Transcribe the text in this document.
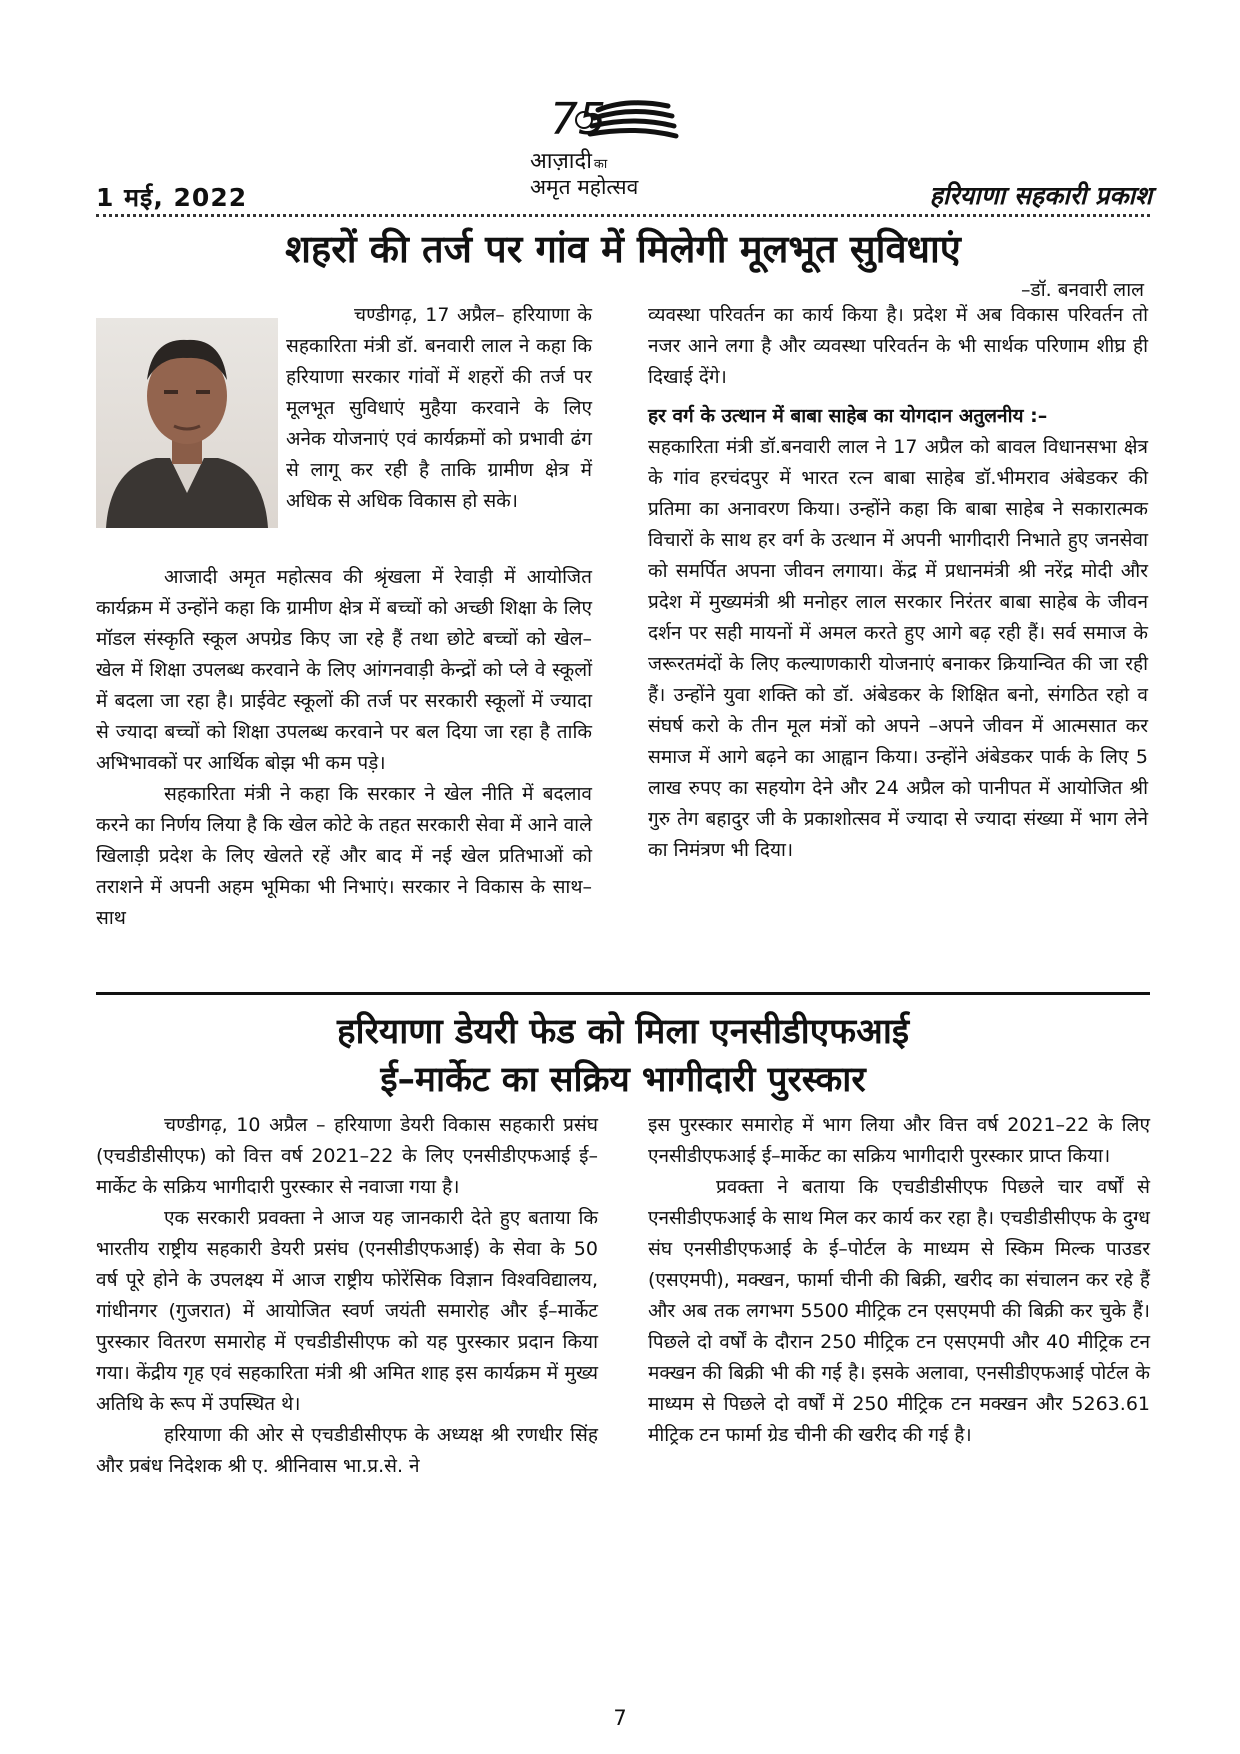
75
आज़ादी का
अमृत महोत्सव
1 मई, 2022	हरियाणा सहकारी प्रकाश
शहरों की तर्ज पर गांव में मिलेगी मूलभूत सुविधाएं
–डॉ. बनवारी लाल

चण्डीगढ़, 17 अप्रैल– हरियाणा के सहकारिता मंत्री डॉ. बनवारी लाल ने कहा कि हरियाणा सरकार गांवों में शहरों की तर्ज पर मूलभूत सुविधाएं मुहैया करवाने के लिए अनेक योजनाएं एवं कार्यक्रमों को प्रभावी ढंग से लागू कर रही है ताकि ग्रामीण क्षेत्र में अधिक से अधिक विकास हो सके।

आजादी अमृत महोत्सव की श्रृंखला में रेवाड़ी में आयोजित कार्यक्रम में उन्होंने कहा कि ग्रामीण क्षेत्र में बच्चों को अच्छी शिक्षा के लिए मॉडल संस्कृति स्कूल अपग्रेड किए जा रहे हैं तथा छोटे बच्चों को खेल–खेल में शिक्षा उपलब्ध करवाने के लिए आंगनवाड़ी केन्द्रों को प्ले वे स्कूलों में बदला जा रहा है। प्राईवेट स्कूलों की तर्ज पर सरकारी स्कूलों में ज्यादा से ज्यादा बच्चों को शिक्षा उपलब्ध करवाने पर बल दिया जा रहा है ताकि अभिभावकों पर आर्थिक बोझ भी कम पड़े।

सहकारिता मंत्री ने कहा कि सरकार ने खेल नीति में बदलाव करने का निर्णय लिया है कि खेल कोटे के तहत सरकारी सेवा में आने वाले खिलाड़ी प्रदेश के लिए खेलते रहें और बाद में नई खेल प्रतिभाओं को तराशने में अपनी अहम भूमिका भी निभाएं। सरकार ने विकास के साथ–साथ

व्यवस्था परिवर्तन का कार्य किया है। प्रदेश में अब विकास परिवर्तन तो नजर आने लगा है और व्यवस्था परिवर्तन के भी सार्थक परिणाम शीघ्र ही दिखाई देंगे।

हर वर्ग के उत्थान में बाबा साहेब का योगदान अतुलनीय :–

सहकारिता मंत्री डॉ.बनवारी लाल ने 17 अप्रैल को बावल विधानसभा क्षेत्र के गांव हरचंदपुर में भारत रत्न बाबा साहेब डॉ.भीमराव अंबेडकर की प्रतिमा का अनावरण किया। उन्होंने कहा कि बाबा साहेब ने सकारात्मक विचारों के साथ हर वर्ग के उत्थान में अपनी भागीदारी निभाते हुए जनसेवा को समर्पित अपना जीवन लगाया। केंद्र में प्रधानमंत्री श्री नरेंद्र मोदी और प्रदेश में मुख्यमंत्री श्री मनोहर लाल सरकार निरंतर बाबा साहेब के जीवन दर्शन पर सही मायनों में अमल करते हुए आगे बढ़ रही हैं। सर्व समाज के जरूरतमंदों के लिए कल्याणकारी योजनाएं बनाकर क्रियान्वित की जा रही हैं। उन्होंने युवा शक्ति को डॉ. अंबेडकर के शिक्षित बनो, संगठित रहो व संघर्ष करो के तीन मूल मंत्रों को अपने –अपने जीवन में आत्मसात कर समाज में आगे बढ़ने का आह्वान किया। उन्होंने अंबेडकर पार्क के लिए 5 लाख रुपए का सहयोग देने और 24 अप्रैल को पानीपत में आयोजित श्री गुरु तेग बहादुर जी के प्रकाशोत्सव में ज्यादा से ज्यादा संख्या में भाग लेने का निमंत्रण भी दिया।

हरियाणा डेयरी फेड को मिला एनसीडीएफआई
ई–मार्केट का सक्रिय भागीदारी पुरस्कार

चण्डीगढ़, 10 अप्रैल – हरियाणा डेयरी विकास सहकारी प्रसंघ (एचडीडीसीएफ) को वित्त वर्ष 2021–22 के लिए एनसीडीएफआई ई–मार्केट के सक्रिय भागीदारी पुरस्कार से नवाजा गया है।

एक सरकारी प्रवक्ता ने आज यह जानकारी देते हुए बताया कि भारतीय राष्ट्रीय सहकारी डेयरी प्रसंघ (एनसीडीएफआई) के सेवा के 50 वर्ष पूरे होने के उपलक्ष्य में आज राष्ट्रीय फोरेंसिक विज्ञान विश्वविद्यालय, गांधीनगर (गुजरात) में आयोजित स्वर्ण जयंती समारोह और ई–मार्केट पुरस्कार वितरण समारोह में एचडीडीसीएफ को यह पुरस्कार प्रदान किया गया। केंद्रीय गृह एवं सहकारिता मंत्री श्री अमित शाह इस कार्यक्रम में मुख्य अतिथि के रूप में उपस्थित थे।

हरियाणा की ओर से एचडीडीसीएफ के अध्यक्ष श्री रणधीर सिंह और प्रबंध निदेशक श्री ए. श्रीनिवास भा.प्र.से. ने

इस पुरस्कार समारोह में भाग लिया और वित्त वर्ष 2021–22 के लिए एनसीडीएफआई ई–मार्केट का सक्रिय भागीदारी पुरस्कार प्राप्त किया।

प्रवक्ता ने बताया कि एचडीडीसीएफ पिछले चार वर्षों से एनसीडीएफआई के साथ मिल कर कार्य कर रहा है। एचडीडीसीएफ के दुग्ध संघ एनसीडीएफआई के ई–पोर्टल के माध्यम से स्किम मिल्क पाउडर (एसएमपी), मक्खन, फार्मा चीनी की बिक्री, खरीद का संचालन कर रहे हैं और अब तक लगभग 5500 मीट्रिक टन एसएमपी की बिक्री कर चुके हैं। पिछले दो वर्षों के दौरान 250 मीट्रिक टन एसएमपी और 40 मीट्रिक टन मक्खन की बिक्री भी की गई है। इसके अलावा, एनसीडीएफआई पोर्टल के माध्यम से पिछले दो वर्षों में 250 मीट्रिक टन मक्खन और 5263.61 मीट्रिक टन फार्मा ग्रेड चीनी की खरीद की गई है।

7
